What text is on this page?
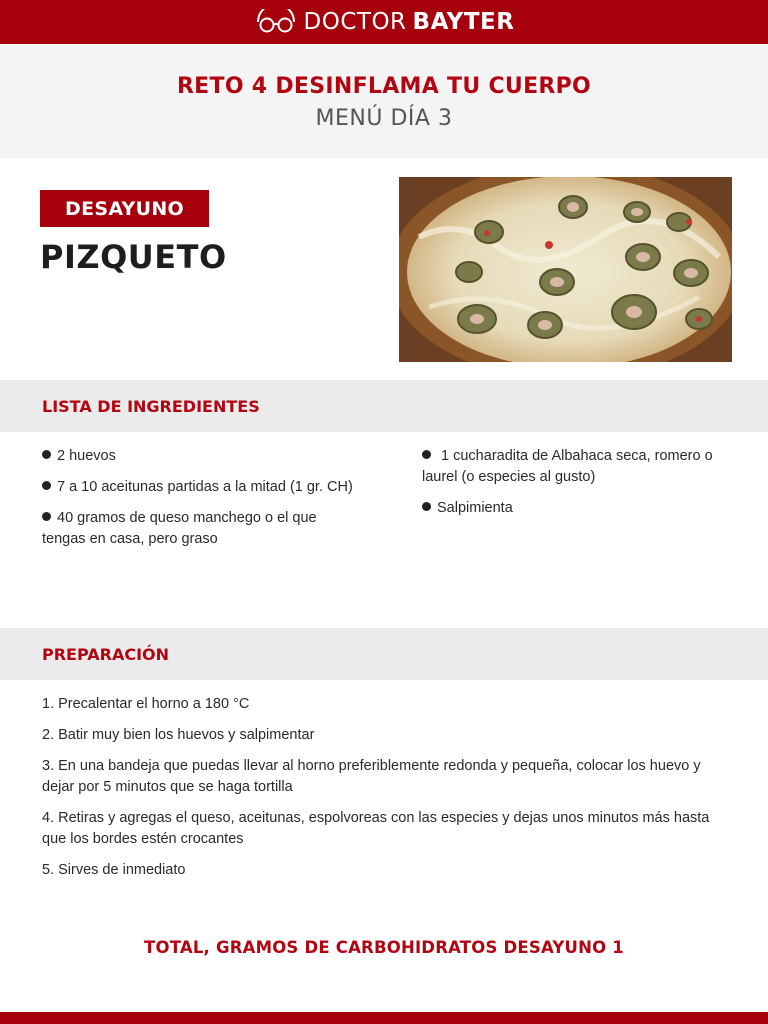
DOCTOR BAYTER
RETO 4 DESINFLAMA TU CUERPO
MENÚ DÍA 3
DESAYUNO
PIZQUETO
LISTA DE INGREDIENTES
2 huevos
7 a 10 aceitunas partidas a la mitad (1 gr. CH)
40 gramos de queso manchego o el que tengas en casa, pero graso
1 cucharadita de Albahaca seca, romero o laurel (o especies al gusto)
Salpimienta
PREPARACIÓN
1. Precalentar el horno a 180 °C
2. Batir muy bien los huevos y salpimentar
3. En una bandeja que puedas llevar al horno preferiblemente redonda y pequeña, colocar los huevo y dejar por 5 minutos que se haga tortilla
4. Retiras y agregas el queso, aceitunas, espolvoreas con las especies y dejas unos minutos más hasta que los bordes estén crocantes
5. Sirves de inmediato
TOTAL, GRAMOS DE CARBOHIDRATOS DESAYUNO 1
